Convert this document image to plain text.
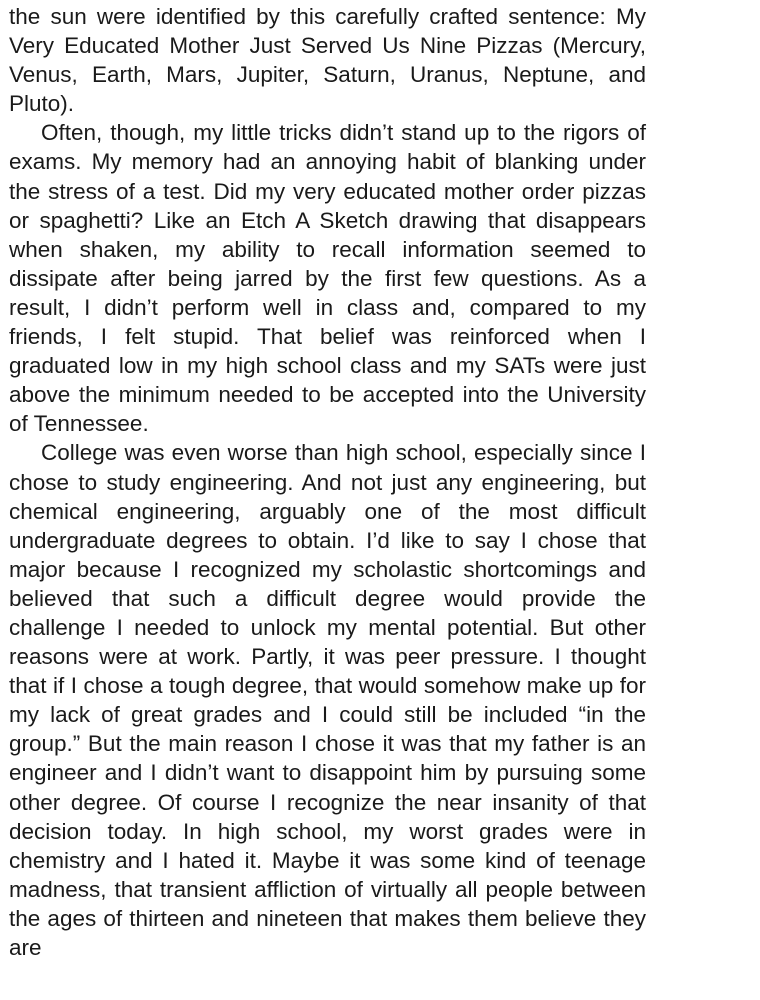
the sun were identified by this carefully crafted sentence: My Very Educated Mother Just Served Us Nine Pizzas (Mercury, Venus, Earth, Mars, Jupiter, Saturn, Uranus, Neptune, and Pluto).

Often, though, my little tricks didn’t stand up to the rigors of exams. My memory had an annoying habit of blanking under the stress of a test. Did my very educated mother order pizzas or spaghetti? Like an Etch A Sketch drawing that disappears when shaken, my ability to recall information seemed to dissipate after being jarred by the first few questions. As a result, I didn’t perform well in class and, compared to my friends, I felt stupid. That belief was reinforced when I graduated low in my high school class and my SATs were just above the minimum needed to be accepted into the University of Tennessee.

College was even worse than high school, especially since I chose to study engineering. And not just any engineering, but chemical engineering, arguably one of the most difficult undergraduate degrees to obtain. I’d like to say I chose that major because I recognized my scholastic shortcomings and believed that such a difficult degree would provide the challenge I needed to unlock my mental potential. But other reasons were at work. Partly, it was peer pressure. I thought that if I chose a tough degree, that would somehow make up for my lack of great grades and I could still be included “in the group.” But the main reason I chose it was that my father is an engineer and I didn’t want to disappoint him by pursuing some other degree. Of course I recognize the near insanity of that decision today. In high school, my worst grades were in chemistry and I hated it. Maybe it was some kind of teenage madness, that transient affliction of virtually all people between the ages of thirteen and nineteen that makes them believe they are
